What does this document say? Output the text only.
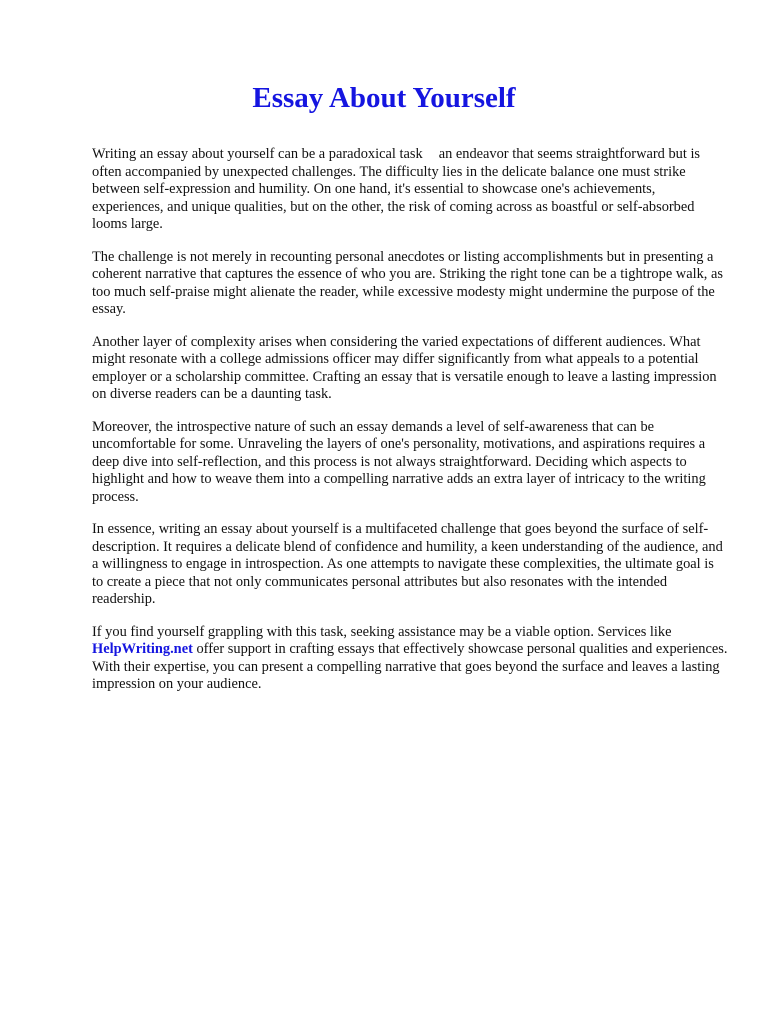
Essay About Yourself

Writing an essay about yourself can be a paradoxical task an endeavor that seems straightforward but is often accompanied by unexpected challenges. The difficulty lies in the delicate balance one must strike between self-expression and humility. On one hand, it's essential to showcase one's achievements, experiences, and unique qualities, but on the other, the risk of coming across as boastful or self-absorbed looms large.

The challenge is not merely in recounting personal anecdotes or listing accomplishments but in presenting a coherent narrative that captures the essence of who you are. Striking the right tone can be a tightrope walk, as too much self-praise might alienate the reader, while excessive modesty might undermine the purpose of the essay.

Another layer of complexity arises when considering the varied expectations of different audiences. What might resonate with a college admissions officer may differ significantly from what appeals to a potential employer or a scholarship committee. Crafting an essay that is versatile enough to leave a lasting impression on diverse readers can be a daunting task.

Moreover, the introspective nature of such an essay demands a level of self-awareness that can be uncomfortable for some. Unraveling the layers of one's personality, motivations, and aspirations requires a deep dive into self-reflection, and this process is not always straightforward. Deciding which aspects to highlight and how to weave them into a compelling narrative adds an extra layer of intricacy to the writing process.

In essence, writing an essay about yourself is a multifaceted challenge that goes beyond the surface of self-description. It requires a delicate blend of confidence and humility, a keen understanding of the audience, and a willingness to engage in introspection. As one attempts to navigate these complexities, the ultimate goal is to create a piece that not only communicates personal attributes but also resonates with the intended readership.

If you find yourself grappling with this task, seeking assistance may be a viable option. Services like HelpWriting.net offer support in crafting essays that effectively showcase personal qualities and experiences. With their expertise, you can present a compelling narrative that goes beyond the surface and leaves a lasting impression on your audience.
